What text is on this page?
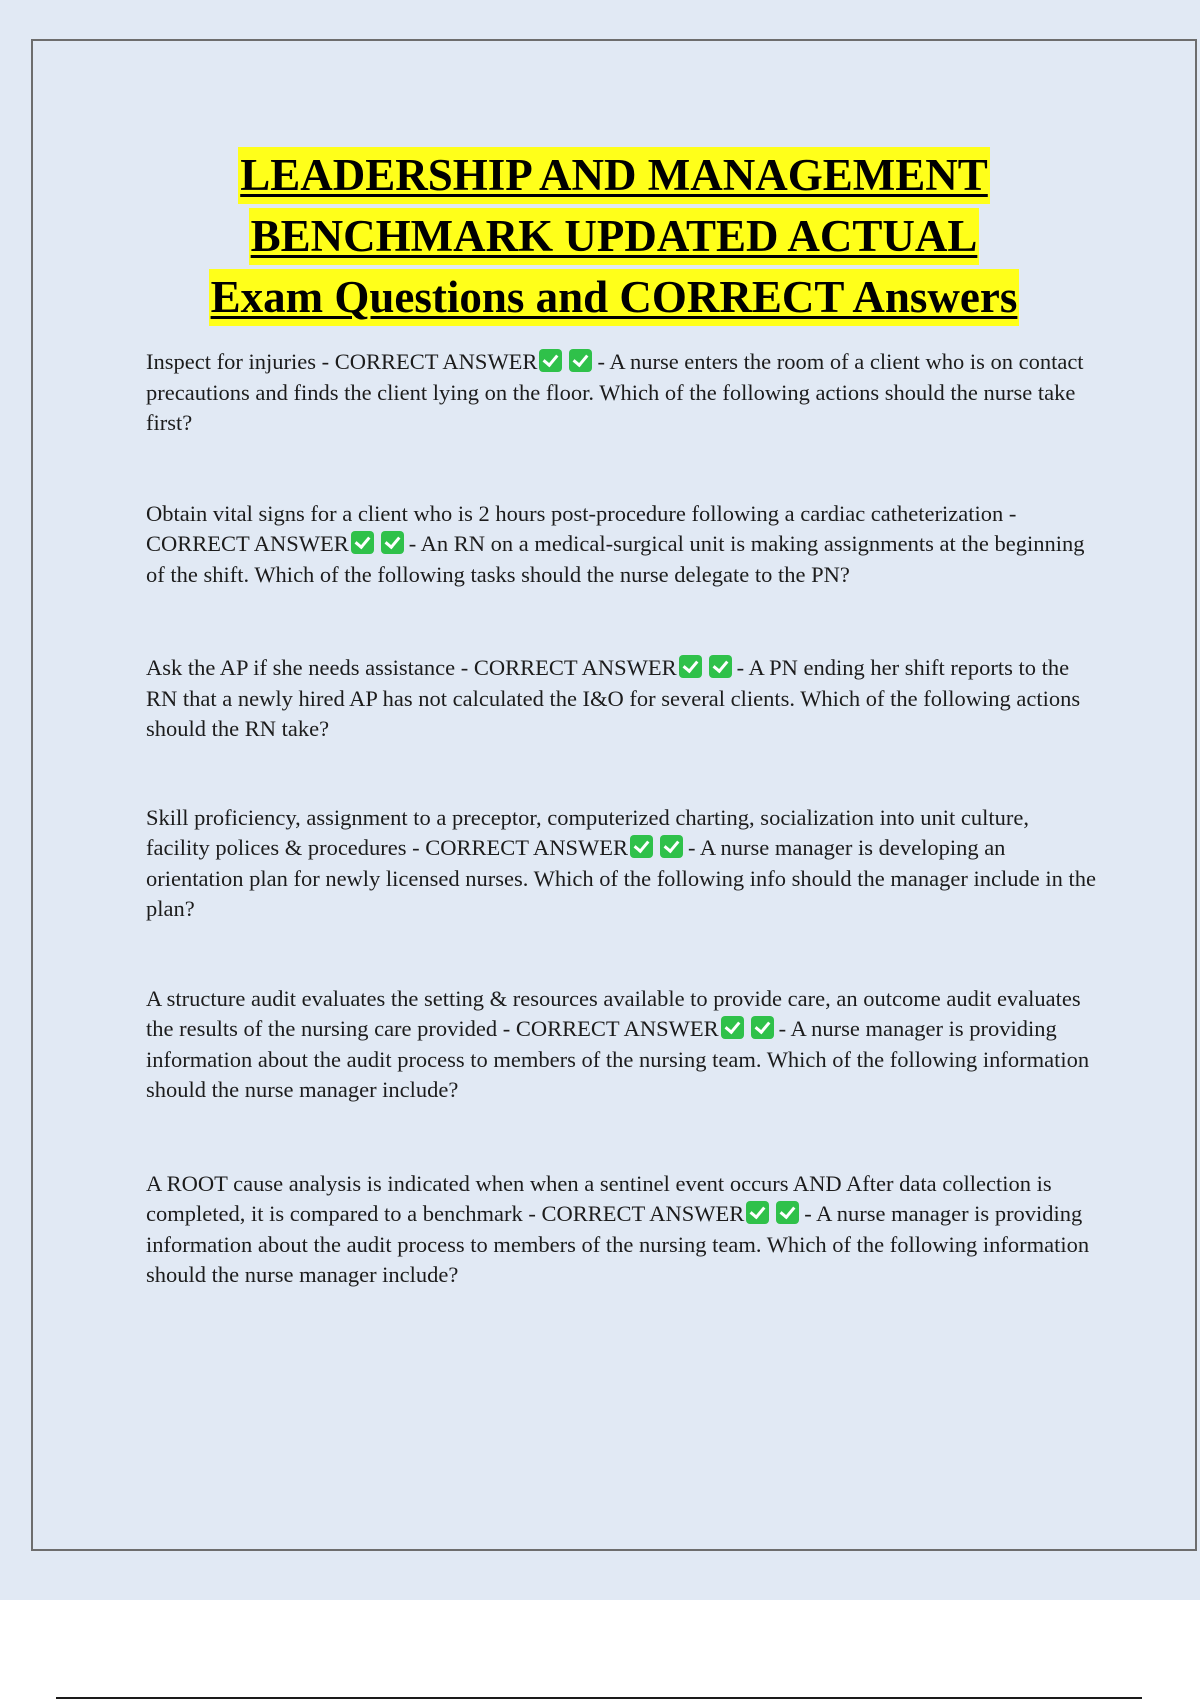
LEADERSHIP AND MANAGEMENT
BENCHMARK UPDATED ACTUAL
Exam Questions and CORRECT Answers

Inspect for injuries - CORRECT ANSWER	- A nurse enters the room of a client who is on contact precautions and finds the client lying on the floor. Which of the following actions should the nurse take first?

Obtain vital signs for a client who is 2 hours post-procedure following a cardiac catheterization - CORRECT ANSWER	- An RN on a medical-surgical unit is making assignments at the beginning of the shift. Which of the following tasks should the nurse delegate to the PN?

Ask the AP if she needs assistance - CORRECT ANSWER	- A PN ending her shift reports to the RN that a newly hired AP has not calculated the I&O for several clients. Which of the following actions should the RN take?

Skill proficiency, assignment to a preceptor, computerized charting, socialization into unit culture, facility polices & procedures - CORRECT ANSWER	- A nurse manager is developing an orientation plan for newly licensed nurses. Which of the following info should the manager include in the plan?

A structure audit evaluates the setting & resources available to provide care, an outcome audit evaluates the results of the nursing care provided - CORRECT ANSWER	- A nurse manager is providing information about the audit process to members of the nursing team. Which of the following information should the nurse manager include?

A ROOT cause analysis is indicated when when a sentinel event occurs AND After data collection is completed, it is compared to a benchmark - CORRECT ANSWER	- A nurse manager is providing information about the audit process to members of the nursing team. Which of the following information should the nurse manager include?
